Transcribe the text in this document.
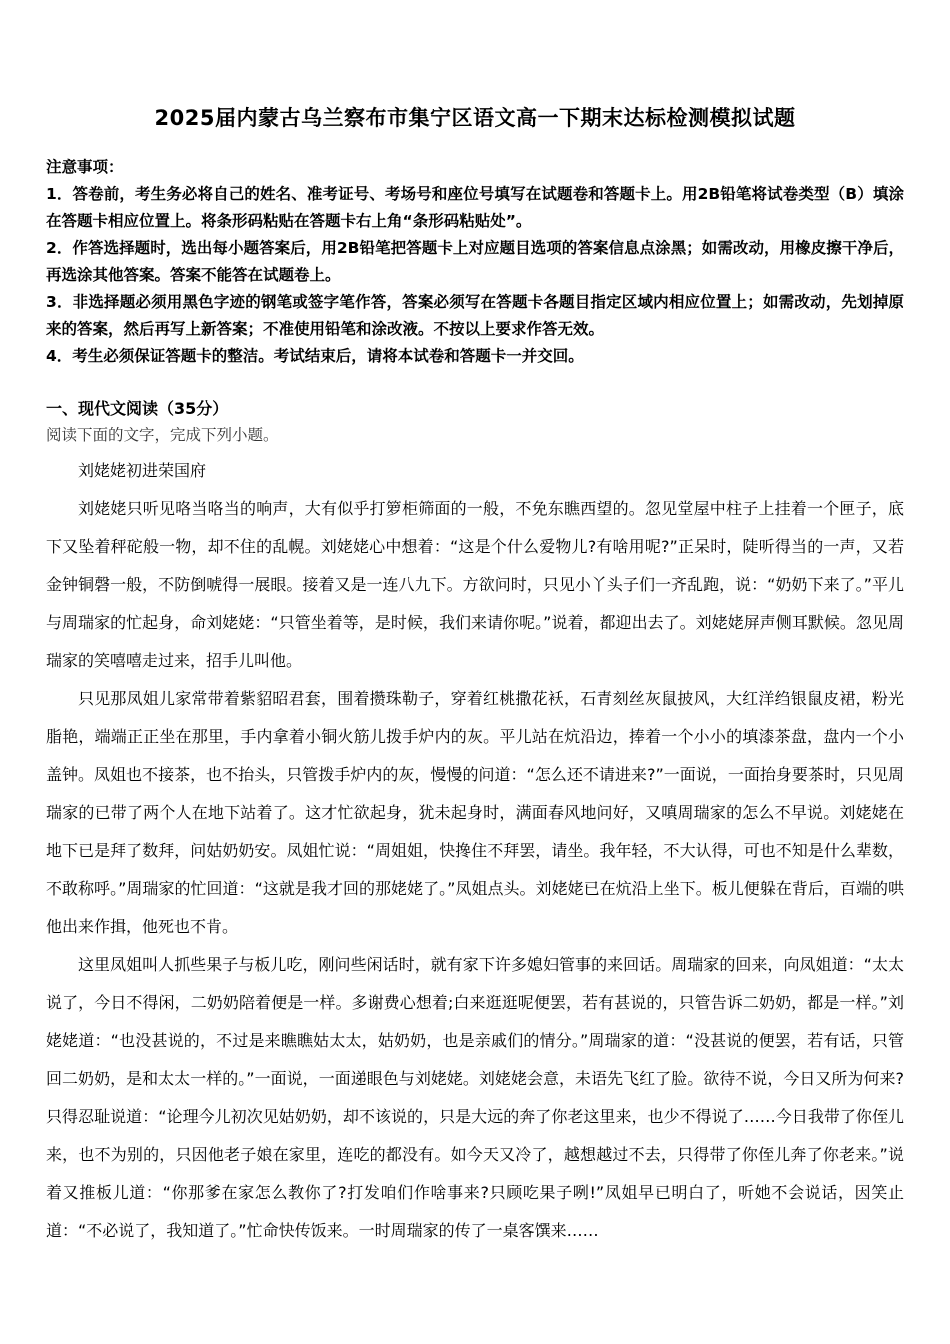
2025届内蒙古乌兰察布市集宁区语文高一下期末达标检测模拟试题

注意事项：

1．答卷前，考生务必将自己的姓名、准考证号、考场号和座位号填写在试题卷和答题卡上。用2B铅笔将试卷类型（B）填涂在答题卡相应位置上。将条形码粘贴在答题卡右上角“条形码粘贴处”。

2．作答选择题时，选出每小题答案后，用2B铅笔把答题卡上对应题目选项的答案信息点涂黑；如需改动，用橡皮擦干净后，再选涂其他答案。答案不能答在试题卷上。

3．非选择题必须用黑色字迹的钢笔或签字笔作答，答案必须写在答题卡各题目指定区域内相应位置上；如需改动，先划掉原来的答案，然后再写上新答案；不准使用铅笔和涂改液。不按以上要求作答无效。

4．考生必须保证答题卡的整洁。考试结束后，请将本试卷和答题卡一并交回。

一、现代文阅读（35分）

阅读下面的文字，完成下列小题。

刘姥姥初进荣国府

刘姥姥只听见咯当咯当的响声，大有似乎打箩柜筛面的一般，不免东瞧西望的。忽见堂屋中柱子上挂着一个匣子，底下又坠着秤砣般一物，却不住的乱幌。刘姥姥心中想着：“这是个什么爱物儿?有啥用呢?”正呆时，陡听得当的一声，又若金钟铜磬一般，不防倒唬得一展眼。接着又是一连八九下。方欲问时，只见小丫头子们一齐乱跑，说：“奶奶下来了。”平儿与周瑞家的忙起身，命刘姥姥：“只管坐着等，是时候，我们来请你呢。”说着，都迎出去了。刘姥姥屏声侧耳默候。忽见周瑞家的笑嘻嘻走过来，招手儿叫他。

只见那凤姐儿家常带着紫貂昭君套，围着攒珠勒子，穿着红桃撒花袄，石青刻丝灰鼠披风，大红洋绉银鼠皮裙，粉光脂艳，端端正正坐在那里，手内拿着小铜火筋儿拨手炉内的灰。平儿站在炕沿边，捧着一个小小的填漆茶盘，盘内一个小盖钟。凤姐也不接茶，也不抬头，只管拨手炉内的灰，慢慢的问道：“怎么还不请进来?”一面说，一面抬身要茶时，只见周瑞家的已带了两个人在地下站着了。这才忙欲起身，犹未起身时，满面春风地问好，又嗔周瑞家的怎么不早说。刘姥姥在地下已是拜了数拜，问姑奶奶安。凤姐忙说：“周姐姐，快搀住不拜罢，请坐。我年轻，不大认得，可也不知是什么辈数，不敢称呼。”周瑞家的忙回道：“这就是我才回的那姥姥了。”凤姐点头。刘姥姥已在炕沿上坐下。板儿便躲在背后，百端的哄他出来作揖，他死也不肯。

这里凤姐叫人抓些果子与板儿吃，刚问些闲话时，就有家下许多媳妇管事的来回话。周瑞家的回来，向凤姐道：“太太说了，今日不得闲，二奶奶陪着便是一样。多谢费心想着;白来逛逛呢便罢，若有甚说的，只管告诉二奶奶，都是一样。”刘姥姥道：“也没甚说的，不过是来瞧瞧姑太太，姑奶奶，也是亲戚们的情分。”周瑞家的道：“没甚说的便罢，若有话，只管回二奶奶，是和太太一样的。”一面说，一面递眼色与刘姥姥。刘姥姥会意，未语先飞红了脸。欲待不说，今日又所为何来?只得忍耻说道：“论理今儿初次见姑奶奶，却不该说的，只是大远的奔了你老这里来，也少不得说了……今日我带了你侄儿来，也不为别的，只因他老子娘在家里，连吃的都没有。如今天又冷了，越想越过不去，只得带了你侄儿奔了你老来。”说着又推板儿道：“你那爹在家怎么教你了?打发咱们作啥事来?只顾吃果子咧!”凤姐早已明白了，听她不会说话，因笑止道：“不必说了，我知道了。”忙命快传饭来。一时周瑞家的传了一桌客馔来……
